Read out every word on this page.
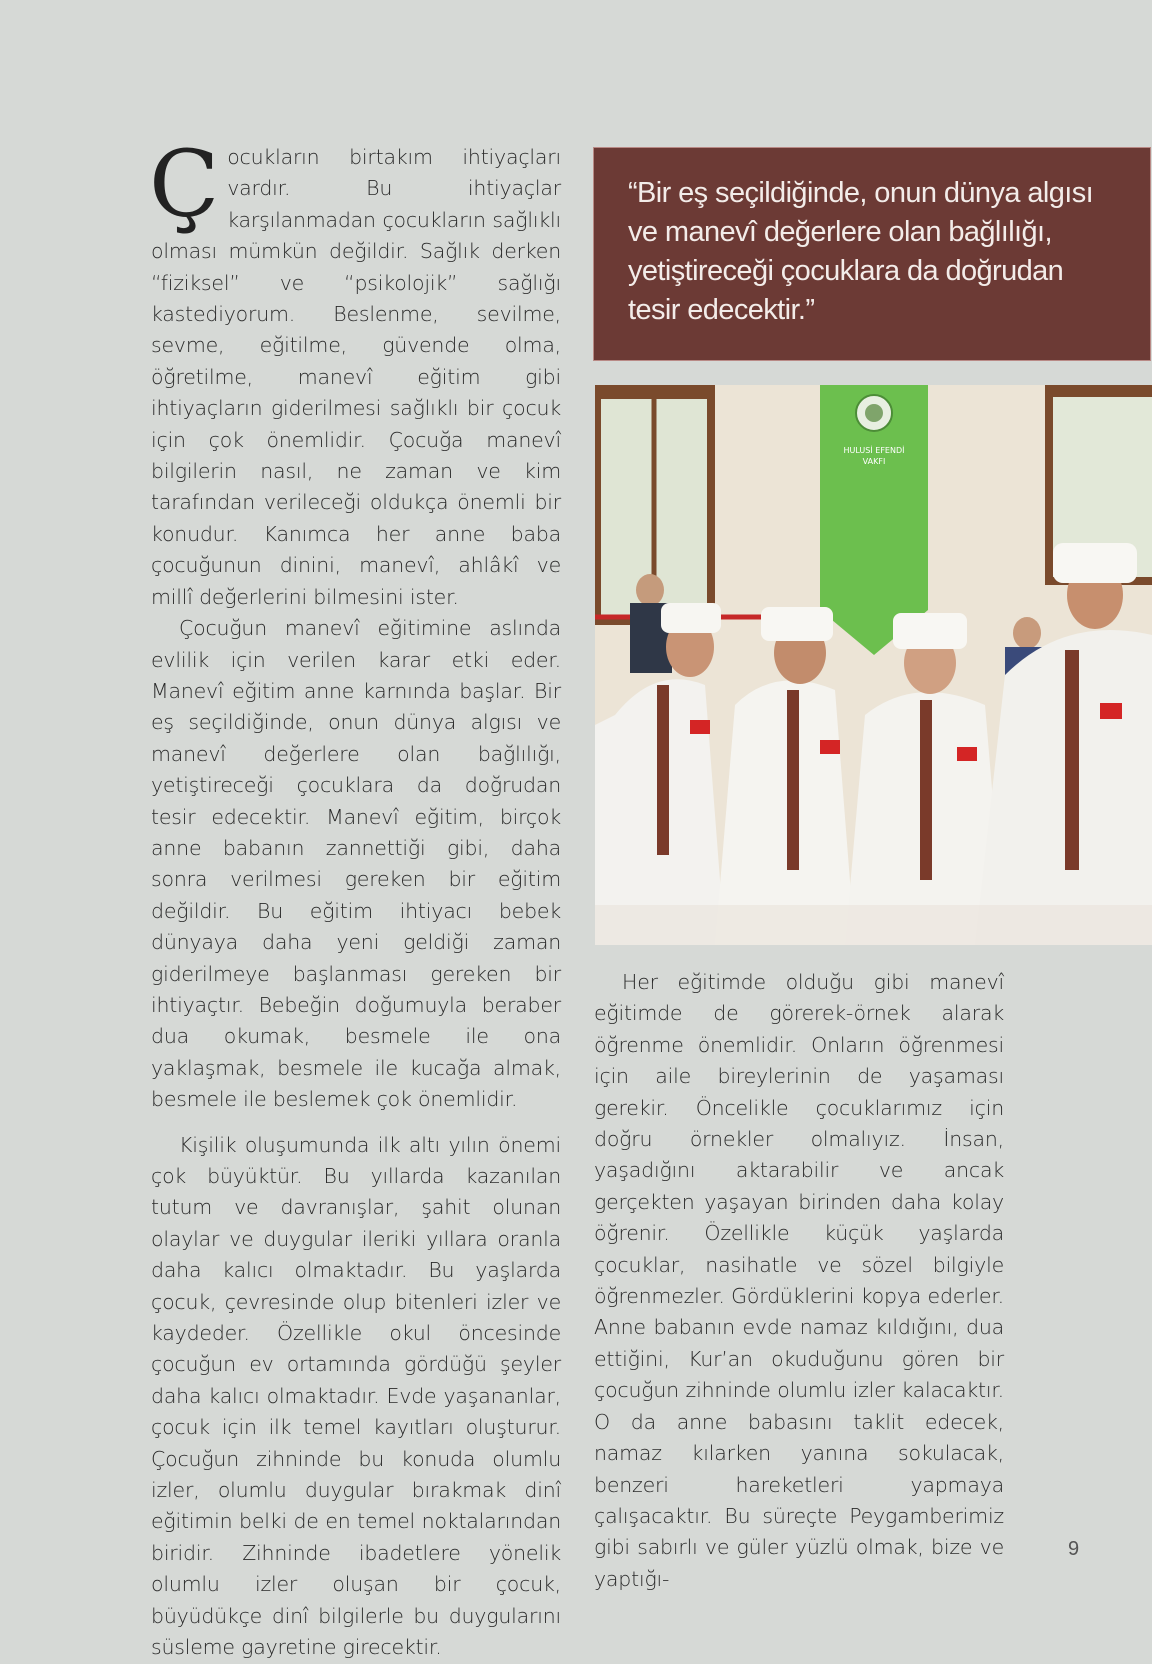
Çocukların birtakım ihtiyaçları vardır. Bu ihtiyaçlar karşılanmadan çocukların sağlıklı olması mümkün değildir. Sağlık derken “fiziksel” ve “psikolojik” sağlığı kastediyorum. Beslenme, sevilme, sevme, eğitilme, güvende olma, öğretilme, manevî eğitim gibi ihtiyaçların giderilmesi sağlıklı bir çocuk için çok önemlidir. Çocuğa manevî bilgilerin nasıl, ne zaman ve kim tarafından verileceği oldukça önemli bir konudur. Kanımca her anne baba çocuğunun dinini, manevî, ahlâkî ve millî değerlerini bilmesini ister.

Çocuğun manevî eğitimine aslında evlilik için verilen karar etki eder. Manevî eğitim anne karnında başlar. Bir eş seçildiğinde, onun dünya algısı ve manevî değerlere olan bağlılığı, yetiştireceği çocuklara da doğrudan tesir edecektir. Manevî eğitim, birçok anne babanın zannettiği gibi, daha sonra verilmesi gereken bir eğitim değildir. Bu eğitim ihtiyacı bebek dünyaya daha yeni geldiği zaman giderilmeye başlanması gereken bir ihtiyaçtır. Bebeğin doğumuyla beraber dua okumak, besmele ile ona yaklaşmak, besmele ile kucağa almak, besmele ile beslemek çok önemlidir.

Kişilik oluşumunda ilk altı yılın önemi çok büyüktür. Bu yıllarda kazanılan tutum ve davranışlar, şahit olunan olaylar ve duygular ileriki yıllara oranla daha kalıcı olmaktadır. Bu yaşlarda çocuk, çevresinde olup bitenleri izler ve kaydeder. Özellikle okul öncesinde çocuğun ev ortamında gördüğü şeyler daha kalıcı olmaktadır. Evde yaşananlar, çocuk için ilk temel kayıtları oluşturur. Çocuğun zihninde bu konuda olumlu izler, olumlu duygular bırakmak dinî eğitimin belki de en temel noktalarından biridir. Zihninde ibadetlere yönelik olumlu izler oluşan bir çocuk, büyüdükçe dinî bilgilerle bu duygularını süsleme gayretine girecektir.

“Bir eş seçildiğinde, onun dünya algısı ve manevî değerlere olan bağlılığı, yetiştireceği çocuklara da doğrudan tesir edecektir.”
HULUSİ EFENDİ
VAKFI

Her eğitimde olduğu gibi manevî eğitimde de görerek-örnek alarak öğrenme önemlidir. Onların öğrenmesi için aile bireylerinin de yaşaması gerekir. Öncelikle çocuklarımız için doğru örnekler olmalıyız. İnsan, yaşadığını aktarabilir ve ancak gerçekten yaşayan birinden daha kolay öğrenir. Özellikle küçük yaşlarda çocuklar, nasihatle ve sözel bilgiyle öğrenmezler. Gördüklerini kopya ederler. Anne babanın evde namaz kıldığını, dua ettiğini, Kur’an okuduğunu gören bir çocuğun zihninde olumlu izler kalacaktır. O da anne babasını taklit edecek, namaz kılarken yanına sokulacak, benzeri hareketleri yapmaya çalışacaktır. Bu süreçte Peygamberimiz gibi sabırlı ve güler yüzlü olmak, bize ve yaptığı-

9
